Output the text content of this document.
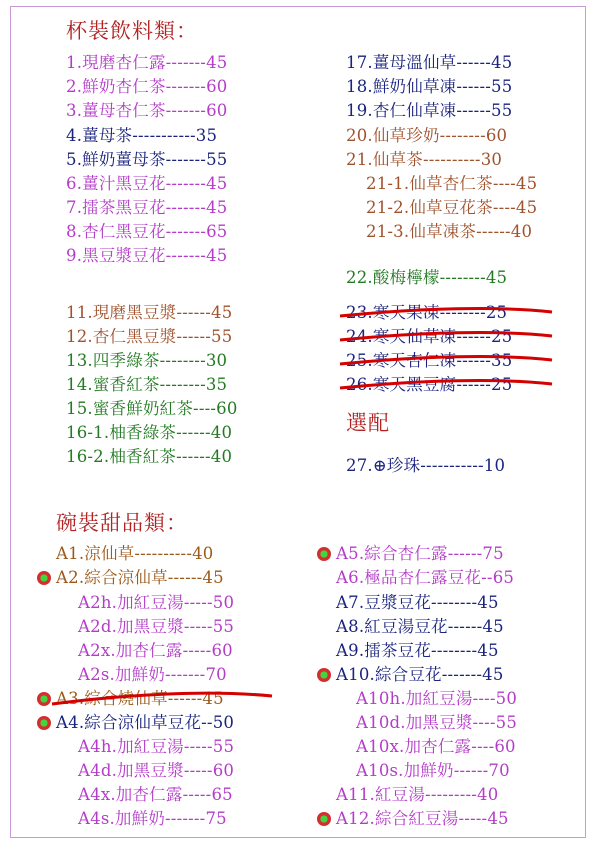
杯裝飲料類：
1.現磨杏仁露-------45
2.鮮奶杏仁茶-------60
3.薑母杏仁茶-------60
4.薑母茶-----------35
5.鮮奶薑母茶-------55
6.薑汁黑豆花-------45
7.擂茶黑豆花-------45
8.杏仁黑豆花-------65
9.黑豆漿豆花-------45
11.現磨黑豆漿------45
12.杏仁黑豆漿------55
13.四季綠茶--------30
14.蜜香紅茶--------35
15.蜜香鮮奶紅茶----60
16-1.柚香綠茶------40
16-2.柚香紅茶------40
17.薑母溫仙草------45
18.鮮奶仙草凍------55
19.杏仁仙草凍------55
20.仙草珍奶--------60
21.仙草茶----------30
21-1.仙草杏仁茶----45
21-2.仙草豆花茶----45
21-3.仙草凍茶------40
22.酸梅檸檬--------45
23.寒天果凍--------25
24.寒天仙草凍------25
25.寒天杏仁凍------35
26.寒天黑豆腐------25
選配
27.⊕珍珠-----------10
碗裝甜品類：
A1.涼仙草----------40
A2.綜合涼仙草------45
A2h.加紅豆湯-----50
A2d.加黑豆漿-----55
A2x.加杏仁露-----60
A2s.加鮮奶-------70
A3.綜合燒仙草------45
A4.綜合涼仙草豆花--50
A4h.加紅豆湯-----55
A4d.加黑豆漿-----60
A4x.加杏仁露-----65
A4s.加鮮奶-------75
A5.綜合杏仁露------75
A6.極品杏仁露豆花--65
A7.豆漿豆花--------45
A8.紅豆湯豆花------45
A9.擂茶豆花--------45
A10.綜合豆花-------45
A10h.加紅豆湯----50
A10d.加黑豆漿----55
A10x.加杏仁露----60
A10s.加鮮奶------70
A11.紅豆湯---------40
A12.綜合紅豆湯-----45
